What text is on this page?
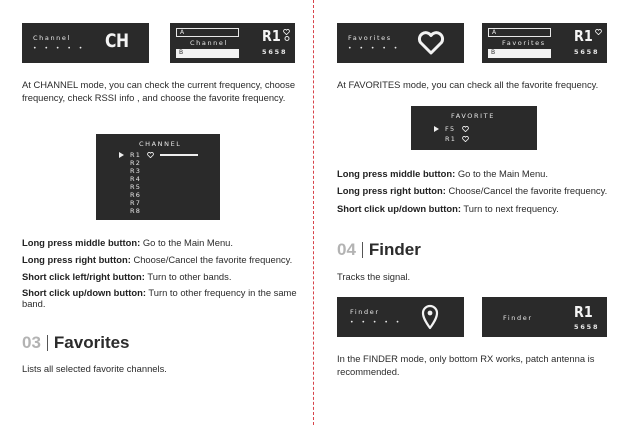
Channel
• • • • • CH	A
Channel
B
R1
5658
At CHANNEL mode, you can check the current frequency, choose frequency, check RSSI info , and choose the favorite frequency.
CHANNEL
R1
R2
R3
R4
R5
R6
R7
R8
Long press middle button: Go to the Main Menu.
Long press right button: Choose/Cancel the favorite frequency.
Short click left/right button: Turn to other bands.
Short click up/down button: Turn to other frequency in the same band.
03 Favorites
Lists all selected favorite channels.
Favorites
• • • • •
A
Favorites
B
R1
5658
At FAVORITES mode, you can check all the favorite frequency.
FAVORITE
F5
R1
Long press middle button: Go to the Main Menu.
Long press right button: Choose/Cancel the favorite frequency.
Short click up/down button: Turn to next frequency.
04 Finder
Tracks the signal.
Finder
• • • • •
Finder	R1
5658
In the FINDER mode, only bottom RX works, patch antenna is recommended.
